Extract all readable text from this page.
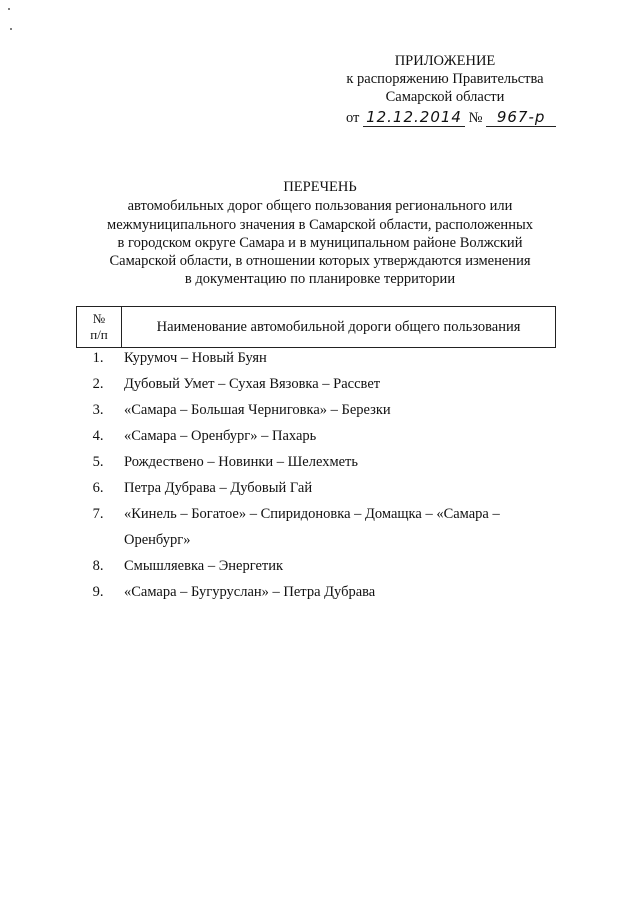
ПРИЛОЖЕНИЕ
к распоряжению Правительства
Самарской области
от 12.12.2014 № 967-р
ПЕРЕЧЕНЬ
автомобильных дорог общего пользования регионального или
межмуниципального значения в Самарской области, расположенных
в городском округе Самара и в муниципальном районе Волжский
Самарской области, в отношении которых утверждаются изменения
в документацию по планировке территории
№
п/п	Наименование автомобильной дороги общего пользования
1.	Курумоч – Новый Буян
2.	Дубовый Умет – Сухая Вязовка – Рассвет
3.	«Самара – Большая Черниговка» – Березки
4.	«Самара – Оренбург» – Пахарь
5.	Рождествено – Новинки – Шелехметь
6.	Петра Дубрава – Дубовый Гай
7.	«Кинель – Богатое» – Спиридоновка – Домащка – «Самара –
Оренбург»
8.	Смышляевка – Энергетик
9.	«Самара – Бугуруслан» – Петра Дубрава
